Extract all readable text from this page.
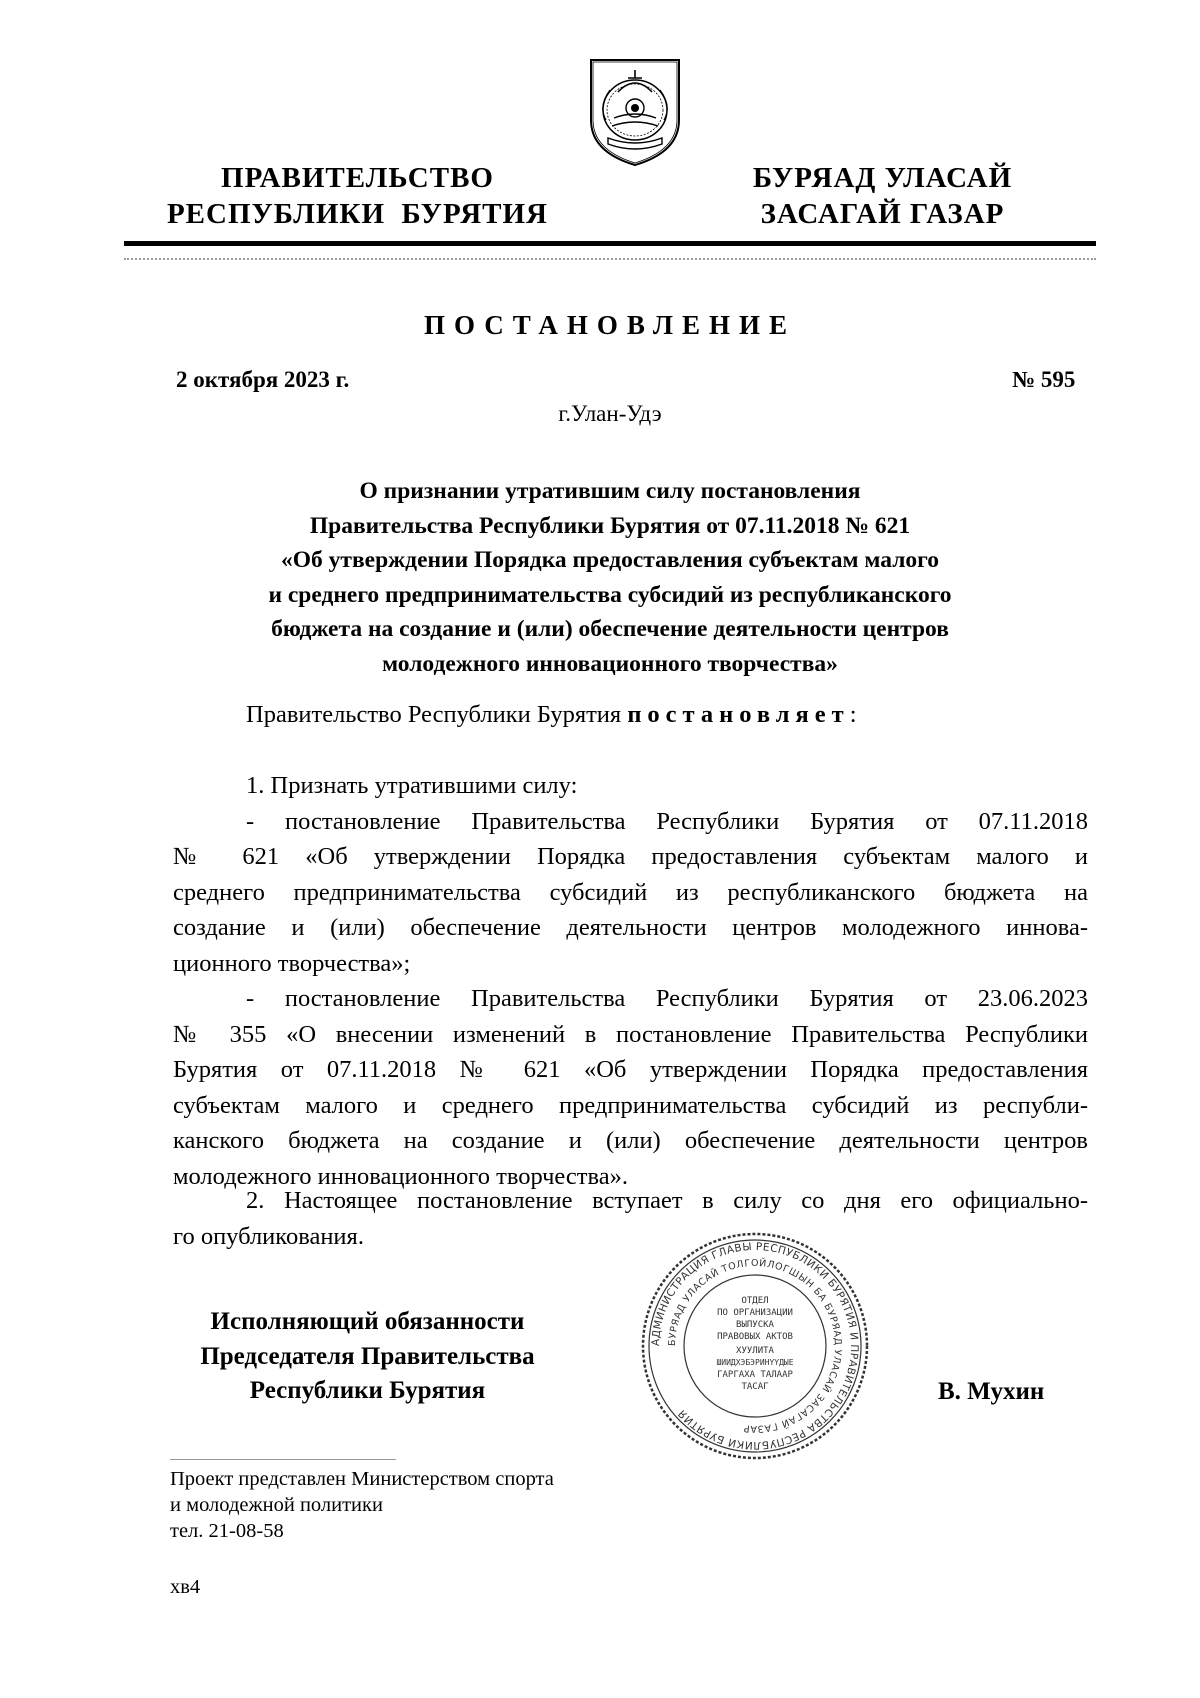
ПРАВИТЕЛЬСТВО
РЕСПУБЛИКИ  БУРЯТИЯ
БУРЯАД УЛАСАЙ
ЗАСАГАЙ ГАЗАР
ПОСТАНОВЛЕНИЕ
2 октября 2023 г.	№ 595
г.Улан-Удэ
О признании утратившим силу постановления
Правительства Республики Бурятия от 07.11.2018 № 621
«Об утверждении Порядка предоставления субъектам малого
и среднего предпринимательства субсидий из республиканского
бюджета на создание и (или) обеспечение деятельности центров
молодежного инновационного творчества»
Правительство Республики Бурятия постановляет:
1. Признать утратившими силу:
- постановление Правительства Республики Бурятия от 07.11.2018
№ 621 «Об утверждении Порядка предоставления субъектам малого и
среднего предпринимательства субсидий из республиканского бюджета на
создание и (или) обеспечение деятельности центров молодежного иннова-
ционного творчества»;
- постановление Правительства Республики Бурятия от 23.06.2023
№ 355 «О внесении изменений в постановление Правительства Республики
Бурятия от 07.11.2018 № 621 «Об утверждении Порядка предоставления
субъектам малого и среднего предпринимательства субсидий из республи-
канского бюджета на создание и (или) обеспечение деятельности центров
молодежного инновационного творчества».
2. Настоящее постановление вступает в силу со дня его официально-
го опубликования.
Исполняющий обязанности
Председателя Правительства
Республики Бурятия
АДМИНИСТРАЦИЯ ГЛАВЫ РЕСПУБЛИКИ БУРЯТИЯ И ПРАВИТЕЛЬСТВА РЕСПУБЛИКИ БУРЯТИЯ
БУРЯАД УЛАСАЙ ТОЛГОЙЛОГШЫН БА БУРЯАД УЛАСАЙ ЗАСАГАЙ ГАЗАР
ОТДЕЛ
ПО ОРГАНИЗАЦИИ
ВЫПУСКА
ПРАВОВЫХ АКТОВ
ХУУЛИТА
ШИИДХЭБЭРИНҮҮДЫЕ
ГАРГАХА ТАЛААР
ТАСАГ	В. Мухин
Проект представлен Министерством спорта
и молодежной политики
тел. 21-08-58
хв4
